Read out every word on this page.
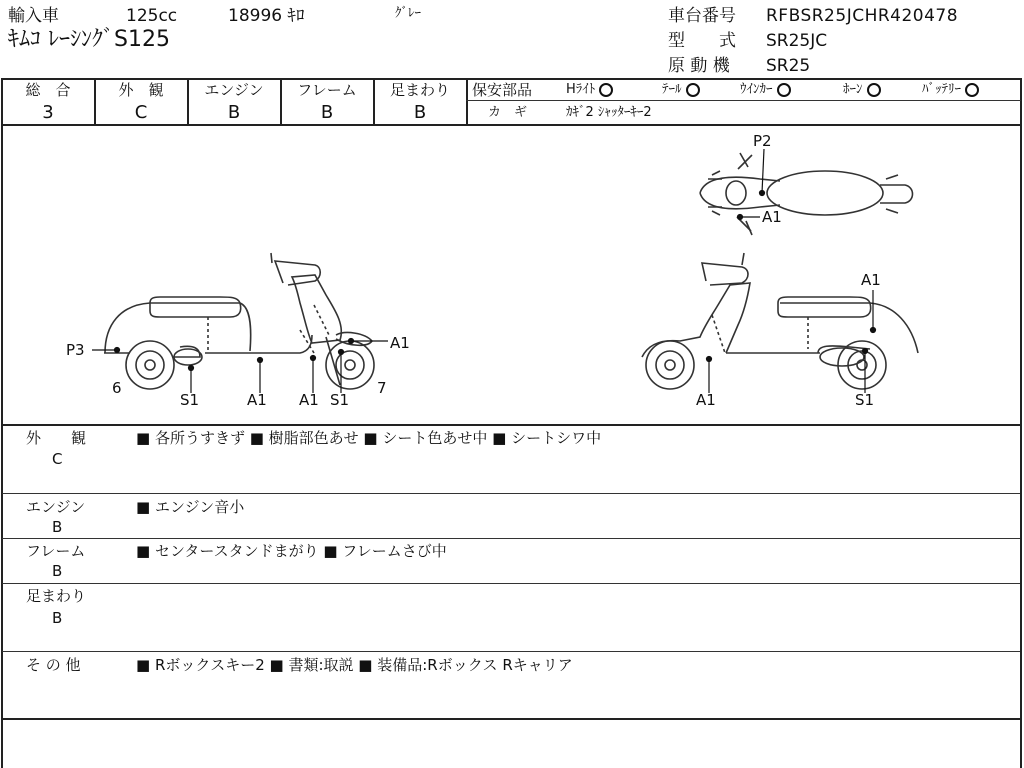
輸入車	125cc	18996 ｷﾛ	ｸﾞﾚｰ
ｷﾑｺ ﾚｰｼﾝｸﾞS125
車台番号 RFBSR25JCHR420478
型　　式 SR25JC
原 動 機 SR25
総　合
3
外　観
C
エンジン
B
フレーム
B
足まわり
B
保安部品	Hﾗｲﾄ	ﾃｰﾙ	ｳｲﾝｶｰ	ﾎｰﾝ	ﾊﾞｯﾃﾘｰ
カ　ギ	ｶｷﾞ2 ｼｬｯﾀｰｷｰ2
P3
6
S1	A1 A1 S1
7
A1
A1	S1
A1
P2
A1
外　　観
C
■ 各所うすきず ■ 樹脂部色あせ ■ シート色あせ中 ■ シートシワ中
エンジン
B
■ エンジン音小
フレーム
B
■ センタースタンドまがり ■ フレームさび中
足まわり
B
そ の 他	■ Rボックスキー2 ■ 書類:取説 ■ 装備品:Rボックス Rキャリア
